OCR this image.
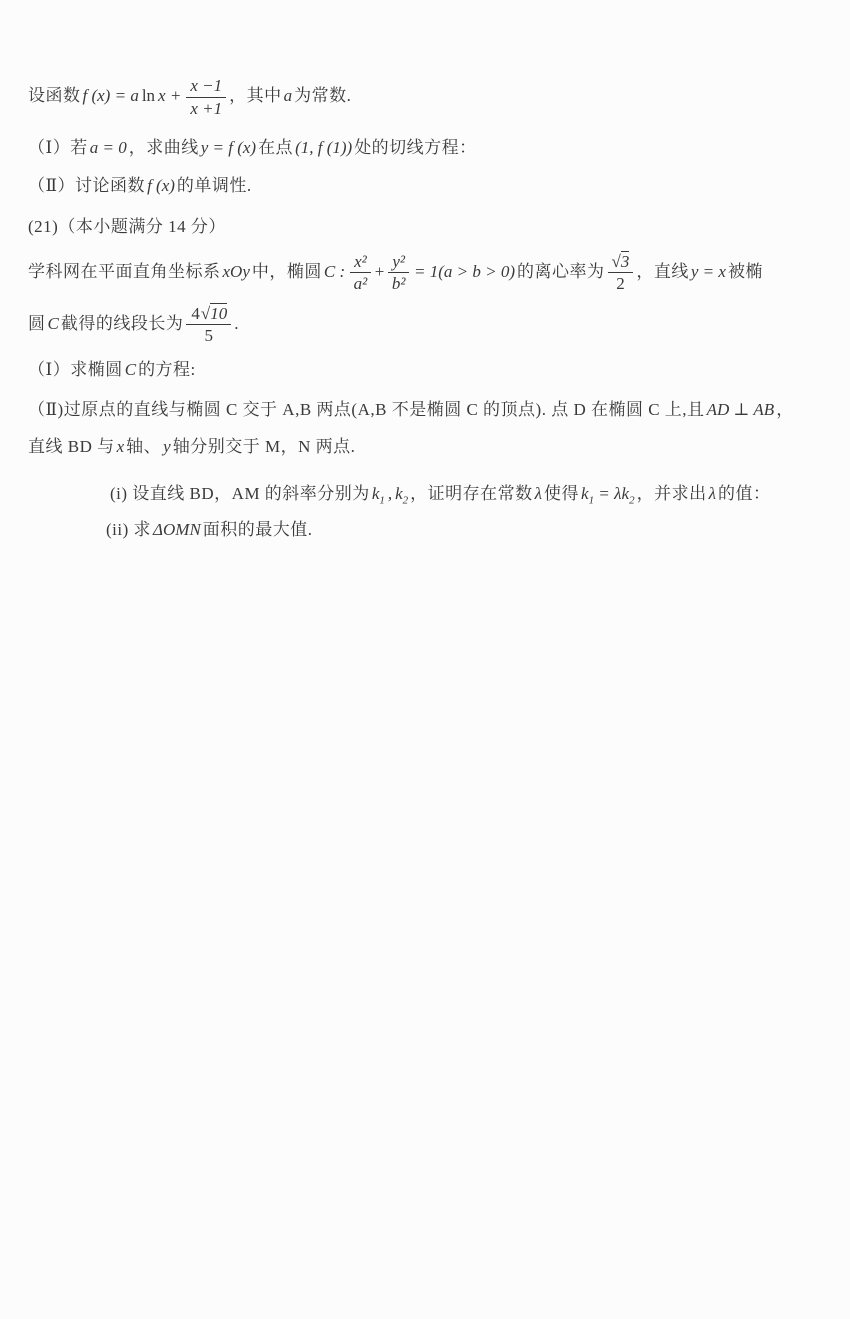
设函数 f (x) = a $\ln x + \frac{x -1}{x +1}$ ，其中 a 为常数.
（Ⅰ）若 a = 0 ，求曲线 y = f (x) 在点 (1, f (1)) 处的切线方程：
（Ⅱ）讨论函数 f (x) 的单调性.
(21)（本小题满分 14 分）
学科网在平面直角坐标系 xOy 中，椭圆 C : $\frac{\text{x²}}{\text{a²}} + \frac{\text{y²}}{\text{b²}} = 1(a > b > 0)$ 的离心率为 $\frac{√3}{2}$ ，直线 y = x 被椭
圆 C 截得的线段长为 $\frac{4√10}{5}$ .
（Ⅰ）求椭圆 C 的方程:
（Ⅱ)过原点的直线与椭圆 C 交于 A,B 两点(A,B 不是椭圆 C 的顶点). 点 D 在椭圆 C 上,且 AD ⊥ AB ，
直线 BD 与 x 轴、 y 轴分别交于 M，N 两点.
(i) 设直线 BD，AM 的斜率分别为 $k_1$ , $k_2$ ，证明存在常数 λ 使得 $k_1 = \lambda k_2$ ，并求出 λ 的值：
(ii) 求 ΔOMN 面积的最大值.
